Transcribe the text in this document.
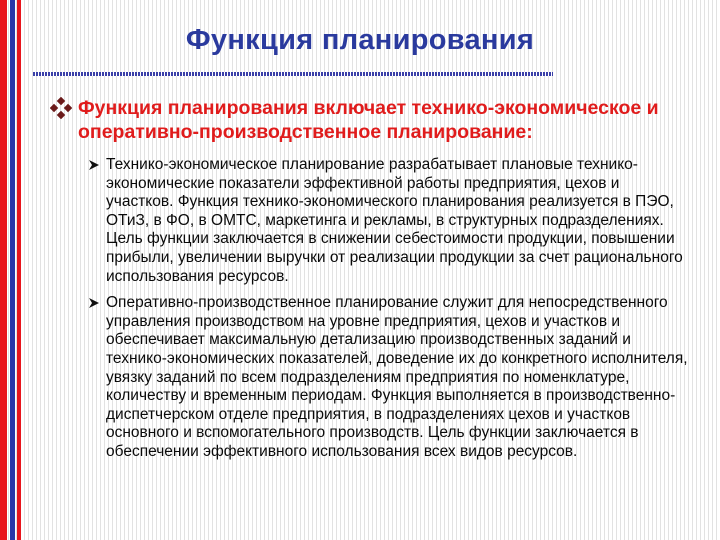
Функция планирования
Функция планирования включает технико-экономическое и оперативно-производственное планирование:
Технико-экономическое планирование разрабатывает плановые технико-экономические показатели эффективной работы предприятия, цехов и участков. Функция технико-экономического планирования реализуется в ПЭО, ОТиЗ, в ФО, в ОМТС, маркетинга и рекламы, в структурных подразделениях. Цель функции заключается в снижении себестоимости продукции, повышении прибыли, увеличении выручки от реализации продукции за счет рационального использования ресурсов.
Оперативно-производственное планирование служит для непосредственного управления производством на уровне предприятия, цехов и участков и обеспечивает максимальную детализацию производственных заданий и технико-экономических показателей, доведение их до конкретного исполнителя, увязку заданий по всем подразделениям предприятия по номенклатуре, количеству и временным периодам. Функция выполняется в производственно-диспетчерском отделе предприятия, в подразделениях цехов и участков основного и вспомогательного производств. Цель функции заключается в обеспечении эффективного использования всех видов ресурсов.
